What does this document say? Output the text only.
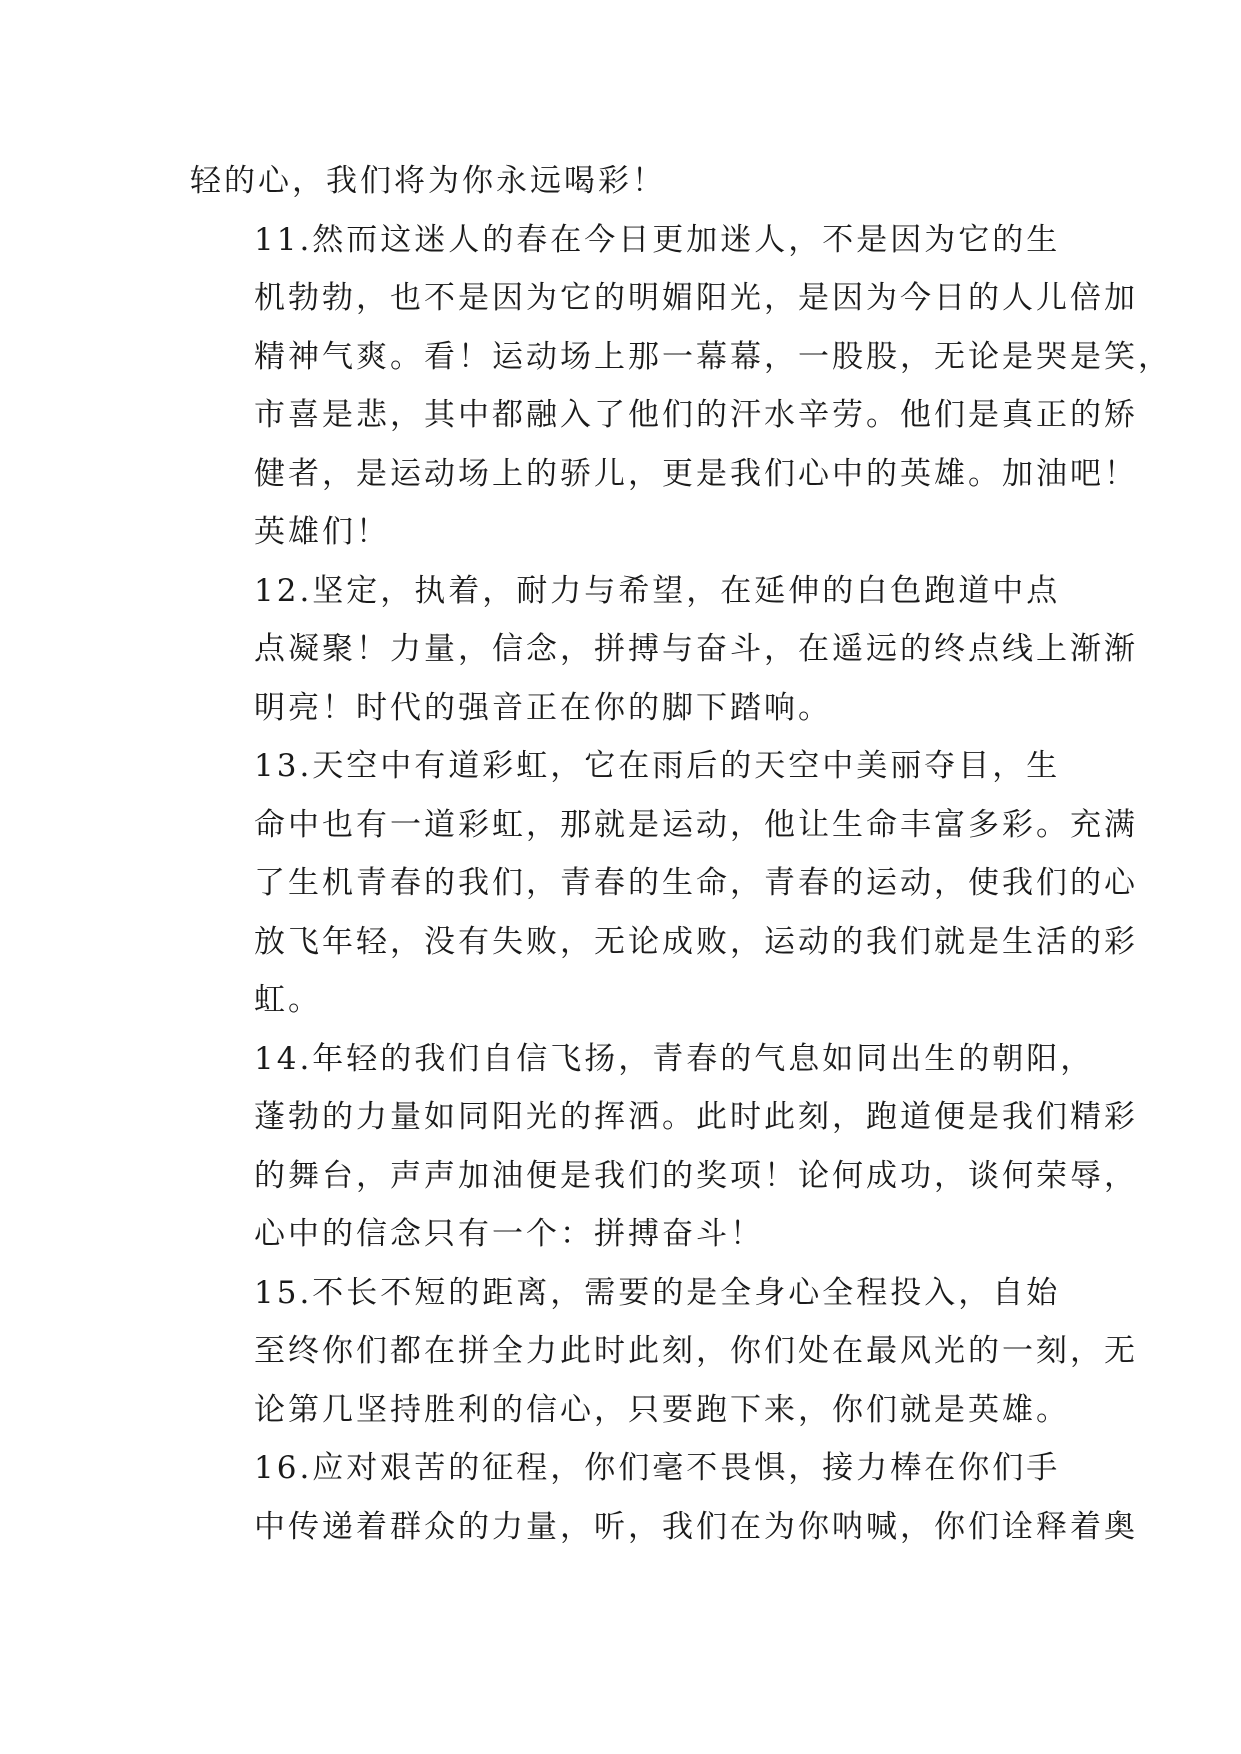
轻的心，我们将为你永远喝彩！

11.然而这迷人的春在今日更加迷人，不是因为它的生
机勃勃，也不是因为它的明媚阳光，是因为今日的人儿倍加
精神气爽。看！运动场上那一幕幕，一股股，无论是哭是笑，
市喜是悲，其中都融入了他们的汗水辛劳。他们是真正的矫
健者，是运动场上的骄儿，更是我们心中的英雄。加油吧！
英雄们！

12.坚定，执着，耐力与希望，在延伸的白色跑道中点
点凝聚！力量，信念，拼搏与奋斗，在遥远的终点线上渐渐
明亮！时代的强音正在你的脚下踏响。

13.天空中有道彩虹，它在雨后的天空中美丽夺目，生
命中也有一道彩虹，那就是运动，他让生命丰富多彩。充满
了生机青春的我们，青春的生命，青春的运动，使我们的心
放飞年轻，没有失败，无论成败，运动的我们就是生活的彩
虹。

14.年轻的我们自信飞扬，青春的气息如同出生的朝阳，
蓬勃的力量如同阳光的挥洒。此时此刻，跑道便是我们精彩
的舞台，声声加油便是我们的奖项！论何成功，谈何荣辱，
心中的信念只有一个：拼搏奋斗！

15.不长不短的距离，需要的是全身心全程投入，自始
至终你们都在拼全力此时此刻，你们处在最风光的一刻，无
论第几坚持胜利的信心，只要跑下来，你们就是英雄。

16.应对艰苦的征程，你们毫不畏惧，接力棒在你们手
中传递着群众的力量，听，我们在为你呐喊，你们诠释着奥
